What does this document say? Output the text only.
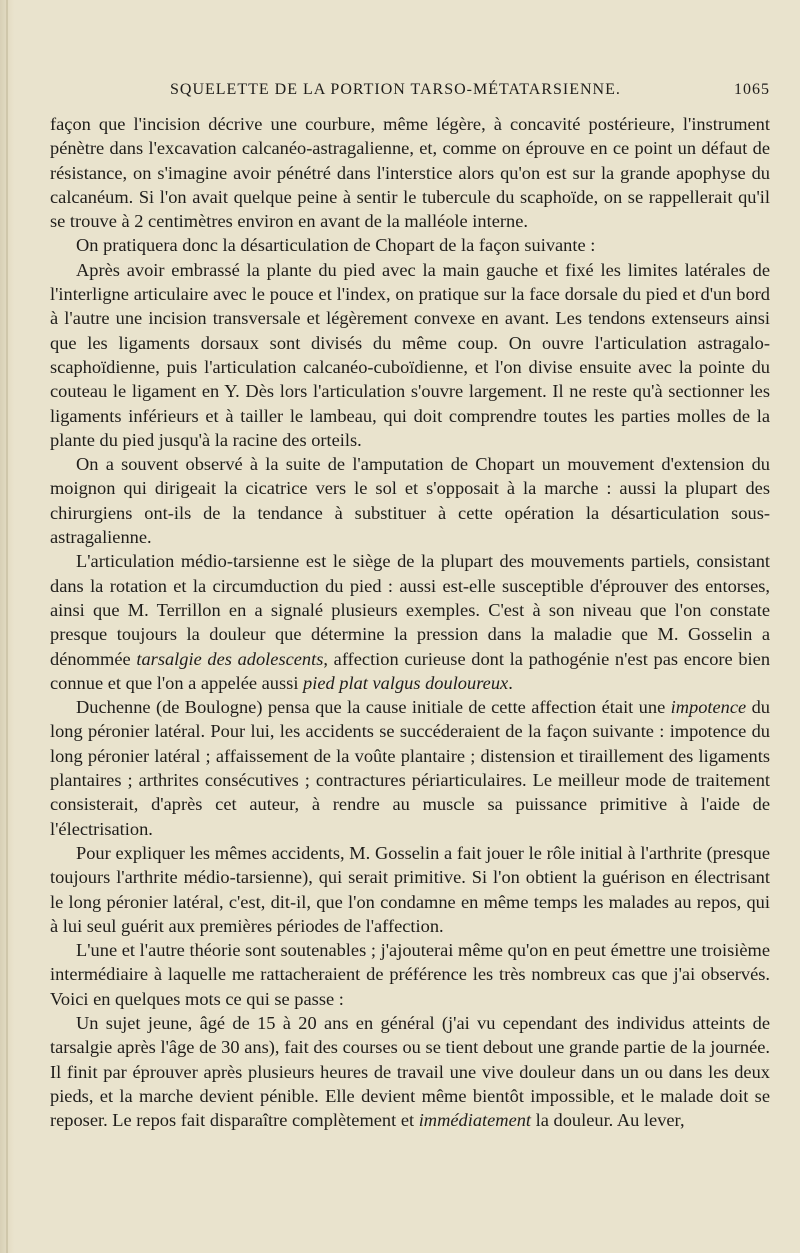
SQUELETTE DE LA PORTION TARSO-MÉTATARSIENNE.	1065

façon que l'incision décrive une courbure, même légère, à concavité postérieure, l'instrument pénètre dans l'excavation calcanéo-astragalienne, et, comme on éprouve en ce point un défaut de résistance, on s'imagine avoir pénétré dans l'interstice alors qu'on est sur la grande apophyse du calcanéum. Si l'on avait quelque peine à sentir le tubercule du scaphoïde, on se rappellerait qu'il se trouve à 2 centimètres environ en avant de la malléole interne.

On pratiquera donc la désarticulation de Chopart de la façon suivante :

Après avoir embrassé la plante du pied avec la main gauche et fixé les limites latérales de l'interligne articulaire avec le pouce et l'index, on pratique sur la face dorsale du pied et d'un bord à l'autre une incision transversale et légèrement convexe en avant. Les tendons extenseurs ainsi que les ligaments dorsaux sont divisés du même coup. On ouvre l'articulation astragalo-scaphoïdienne, puis l'articulation calcanéo-cuboïdienne, et l'on divise ensuite avec la pointe du couteau le ligament en Y. Dès lors l'articulation s'ouvre largement. Il ne reste qu'à sectionner les ligaments inférieurs et à tailler le lambeau, qui doit comprendre toutes les parties molles de la plante du pied jusqu'à la racine des orteils.

On a souvent observé à la suite de l'amputation de Chopart un mouvement d'extension du moignon qui dirigeait la cicatrice vers le sol et s'opposait à la marche : aussi la plupart des chirurgiens ont-ils de la tendance à substituer à cette opération la désarticulation sous-astragalienne.

L'articulation médio-tarsienne est le siège de la plupart des mouvements partiels, consistant dans la rotation et la circumduction du pied : aussi est-elle susceptible d'éprouver des entorses, ainsi que M. Terrillon en a signalé plusieurs exemples. C'est à son niveau que l'on constate presque toujours la douleur que détermine la pression dans la maladie que M. Gosselin a dénommée tarsalgie des adolescents, affection curieuse dont la pathogénie n'est pas encore bien connue et que l'on a appelée aussi pied plat valgus douloureux.

Duchenne (de Boulogne) pensa que la cause initiale de cette affection était une impotence du long péronier latéral. Pour lui, les accidents se succéderaient de la façon suivante : impotence du long péronier latéral ; affaissement de la voûte plantaire ; distension et tiraillement des ligaments plantaires ; arthrites consécutives ; contractures périarticulaires. Le meilleur mode de traitement consisterait, d'après cet auteur, à rendre au muscle sa puissance primitive à l'aide de l'électrisation.

Pour expliquer les mêmes accidents, M. Gosselin a fait jouer le rôle initial à l'arthrite (presque toujours l'arthrite médio-tarsienne), qui serait primitive. Si l'on obtient la guérison en électrisant le long péronier latéral, c'est, dit-il, que l'on condamne en même temps les malades au repos, qui à lui seul guérit aux premières périodes de l'affection.

L'une et l'autre théorie sont soutenables ; j'ajouterai même qu'on en peut émettre une troisième intermédiaire à laquelle me rattacheraient de préférence les très nombreux cas que j'ai observés. Voici en quelques mots ce qui se passe :

Un sujet jeune, âgé de 15 à 20 ans en général (j'ai vu cependant des individus atteints de tarsalgie après l'âge de 30 ans), fait des courses ou se tient debout une grande partie de la journée. Il finit par éprouver après plusieurs heures de travail une vive douleur dans un ou dans les deux pieds, et la marche devient pénible. Elle devient même bientôt impossible, et le malade doit se reposer. Le repos fait disparaître complètement et immédiatement la douleur. Au lever,
